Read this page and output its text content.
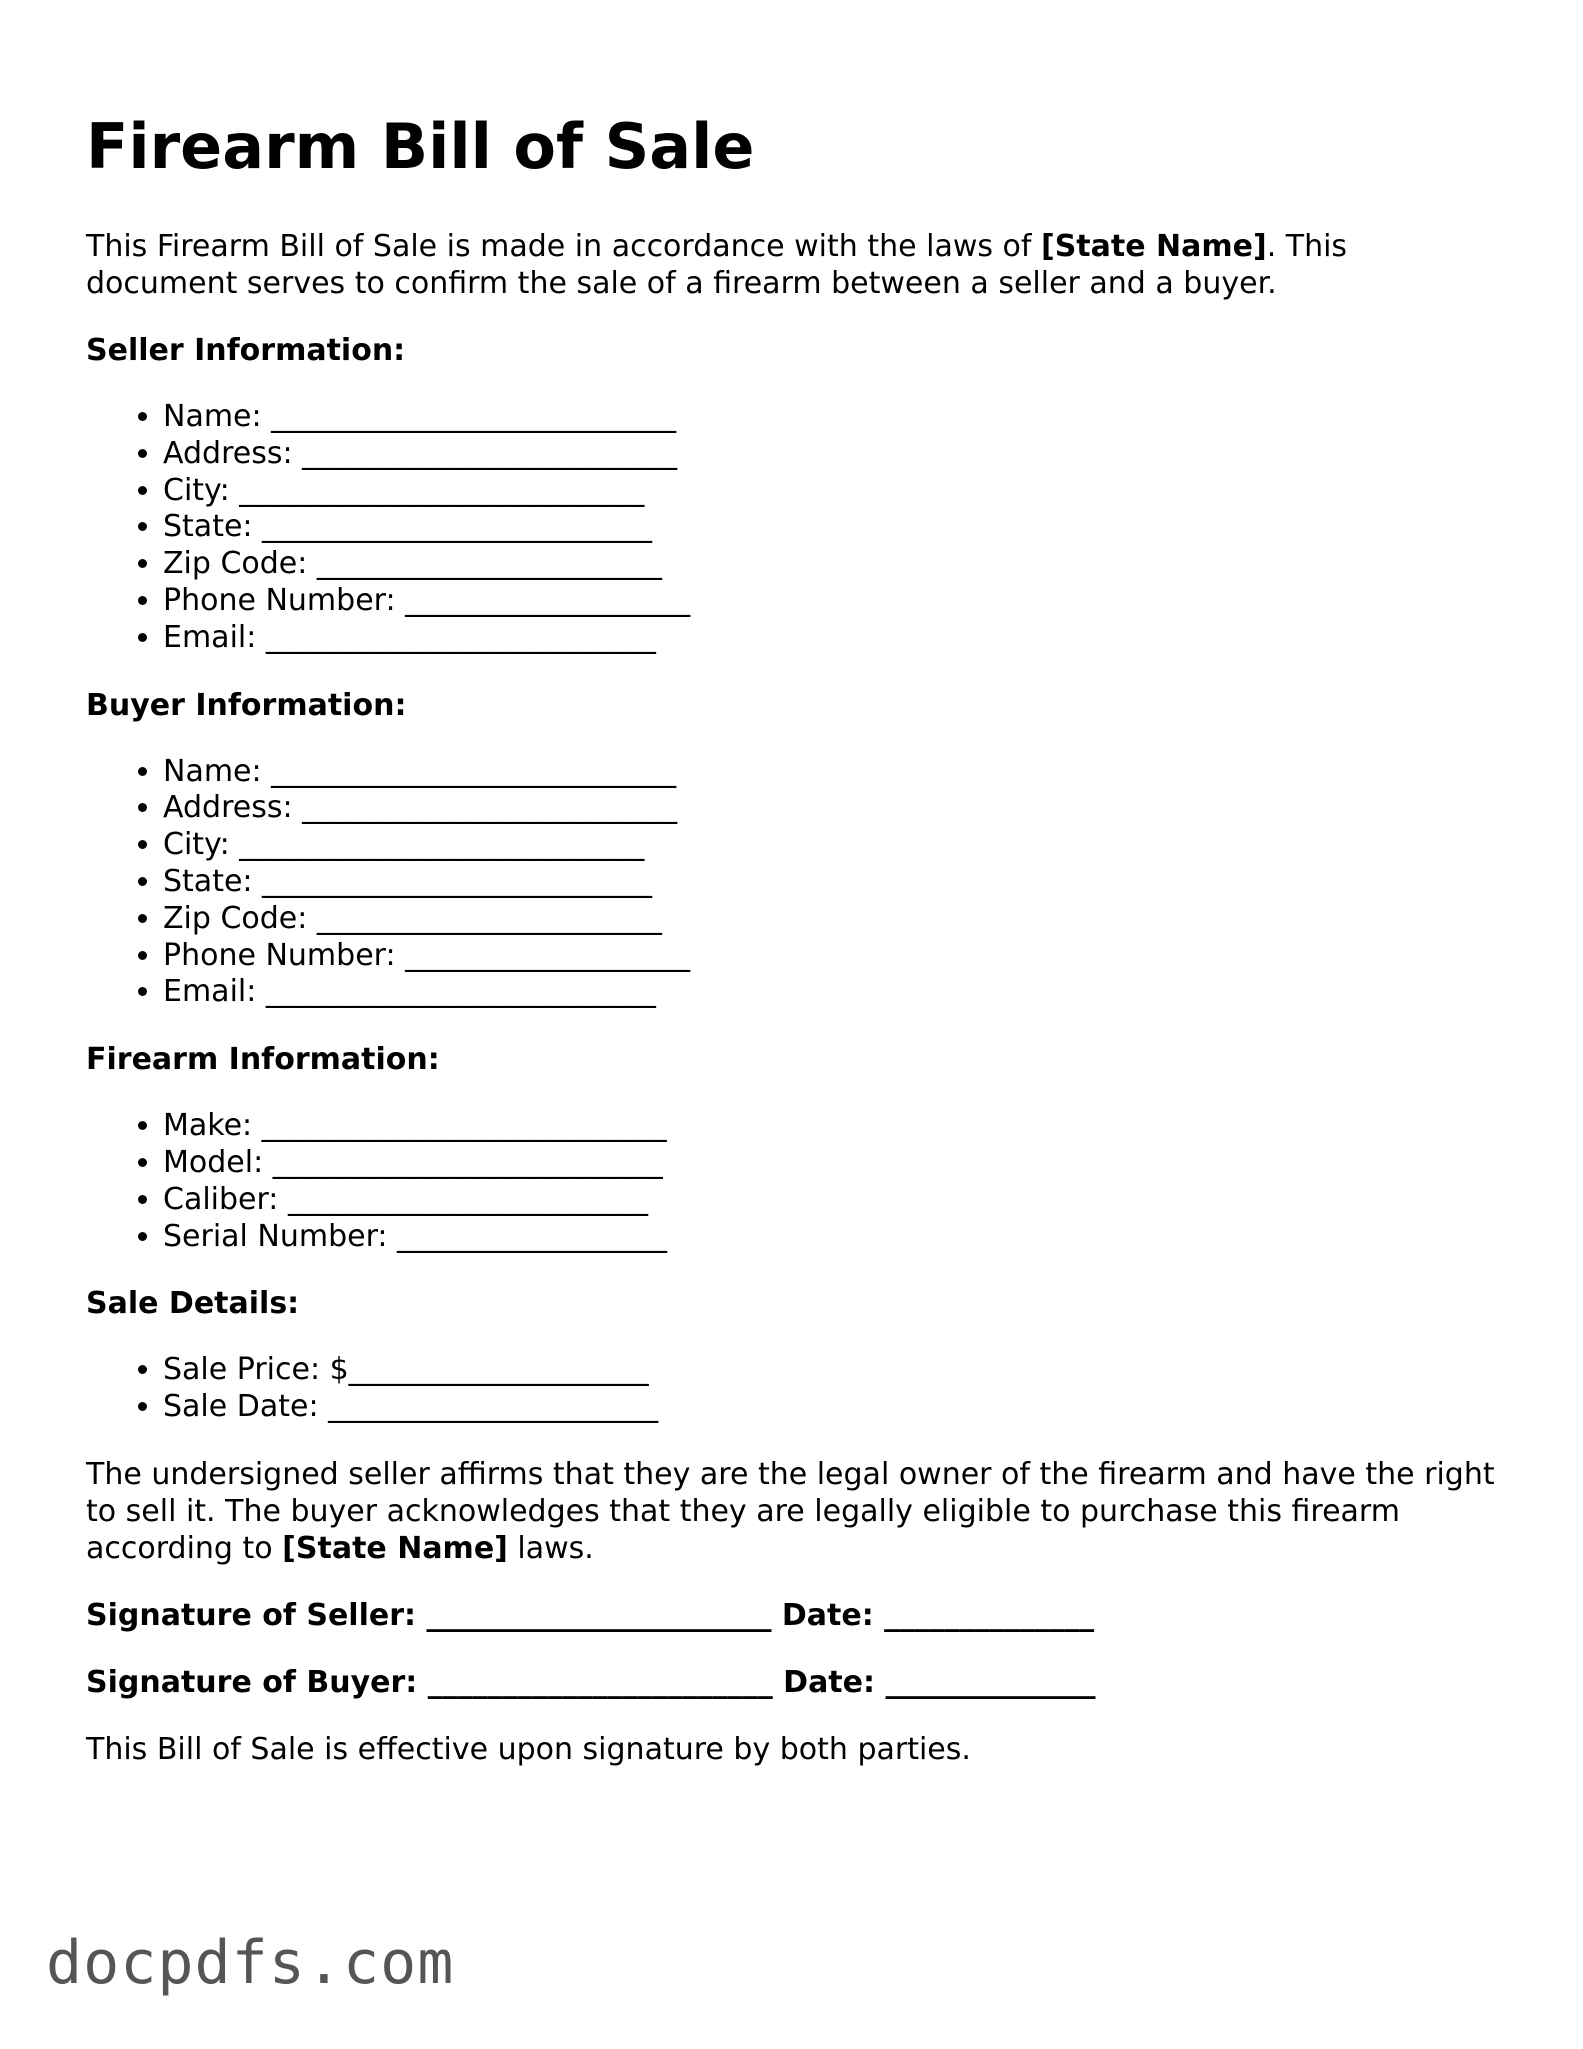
Firearm Bill of Sale

This Firearm Bill of Sale is made in accordance with the laws of [State Name]. This document serves to confirm the sale of a firearm between a seller and a buyer.

Seller Information:
• Name: ___________________________
• Address: _________________________
• City: ___________________________
• State: __________________________
• Zip Code: _______________________
• Phone Number: ___________________
• Email: __________________________
Buyer Information:
• Name: ___________________________
• Address: _________________________
• City: ___________________________
• State: __________________________
• Zip Code: _______________________
• Phone Number: ___________________
• Email: __________________________
Firearm Information:
• Make: ___________________________
• Model: __________________________
• Caliber: ________________________
• Serial Number: __________________
Sale Details:
• Sale Price: $____________________
• Sale Date: ______________________

The undersigned seller affirms that they are the legal owner of the firearm and have the right to sell it. The buyer acknowledges that they are legally eligible to purchase this firearm according to [State Name] laws.

Signature of Seller: _______________________ Date: ______________
Signature of Buyer: _______________________ Date: ______________

This Bill of Sale is effective upon signature by both parties.

docpdfs.com
